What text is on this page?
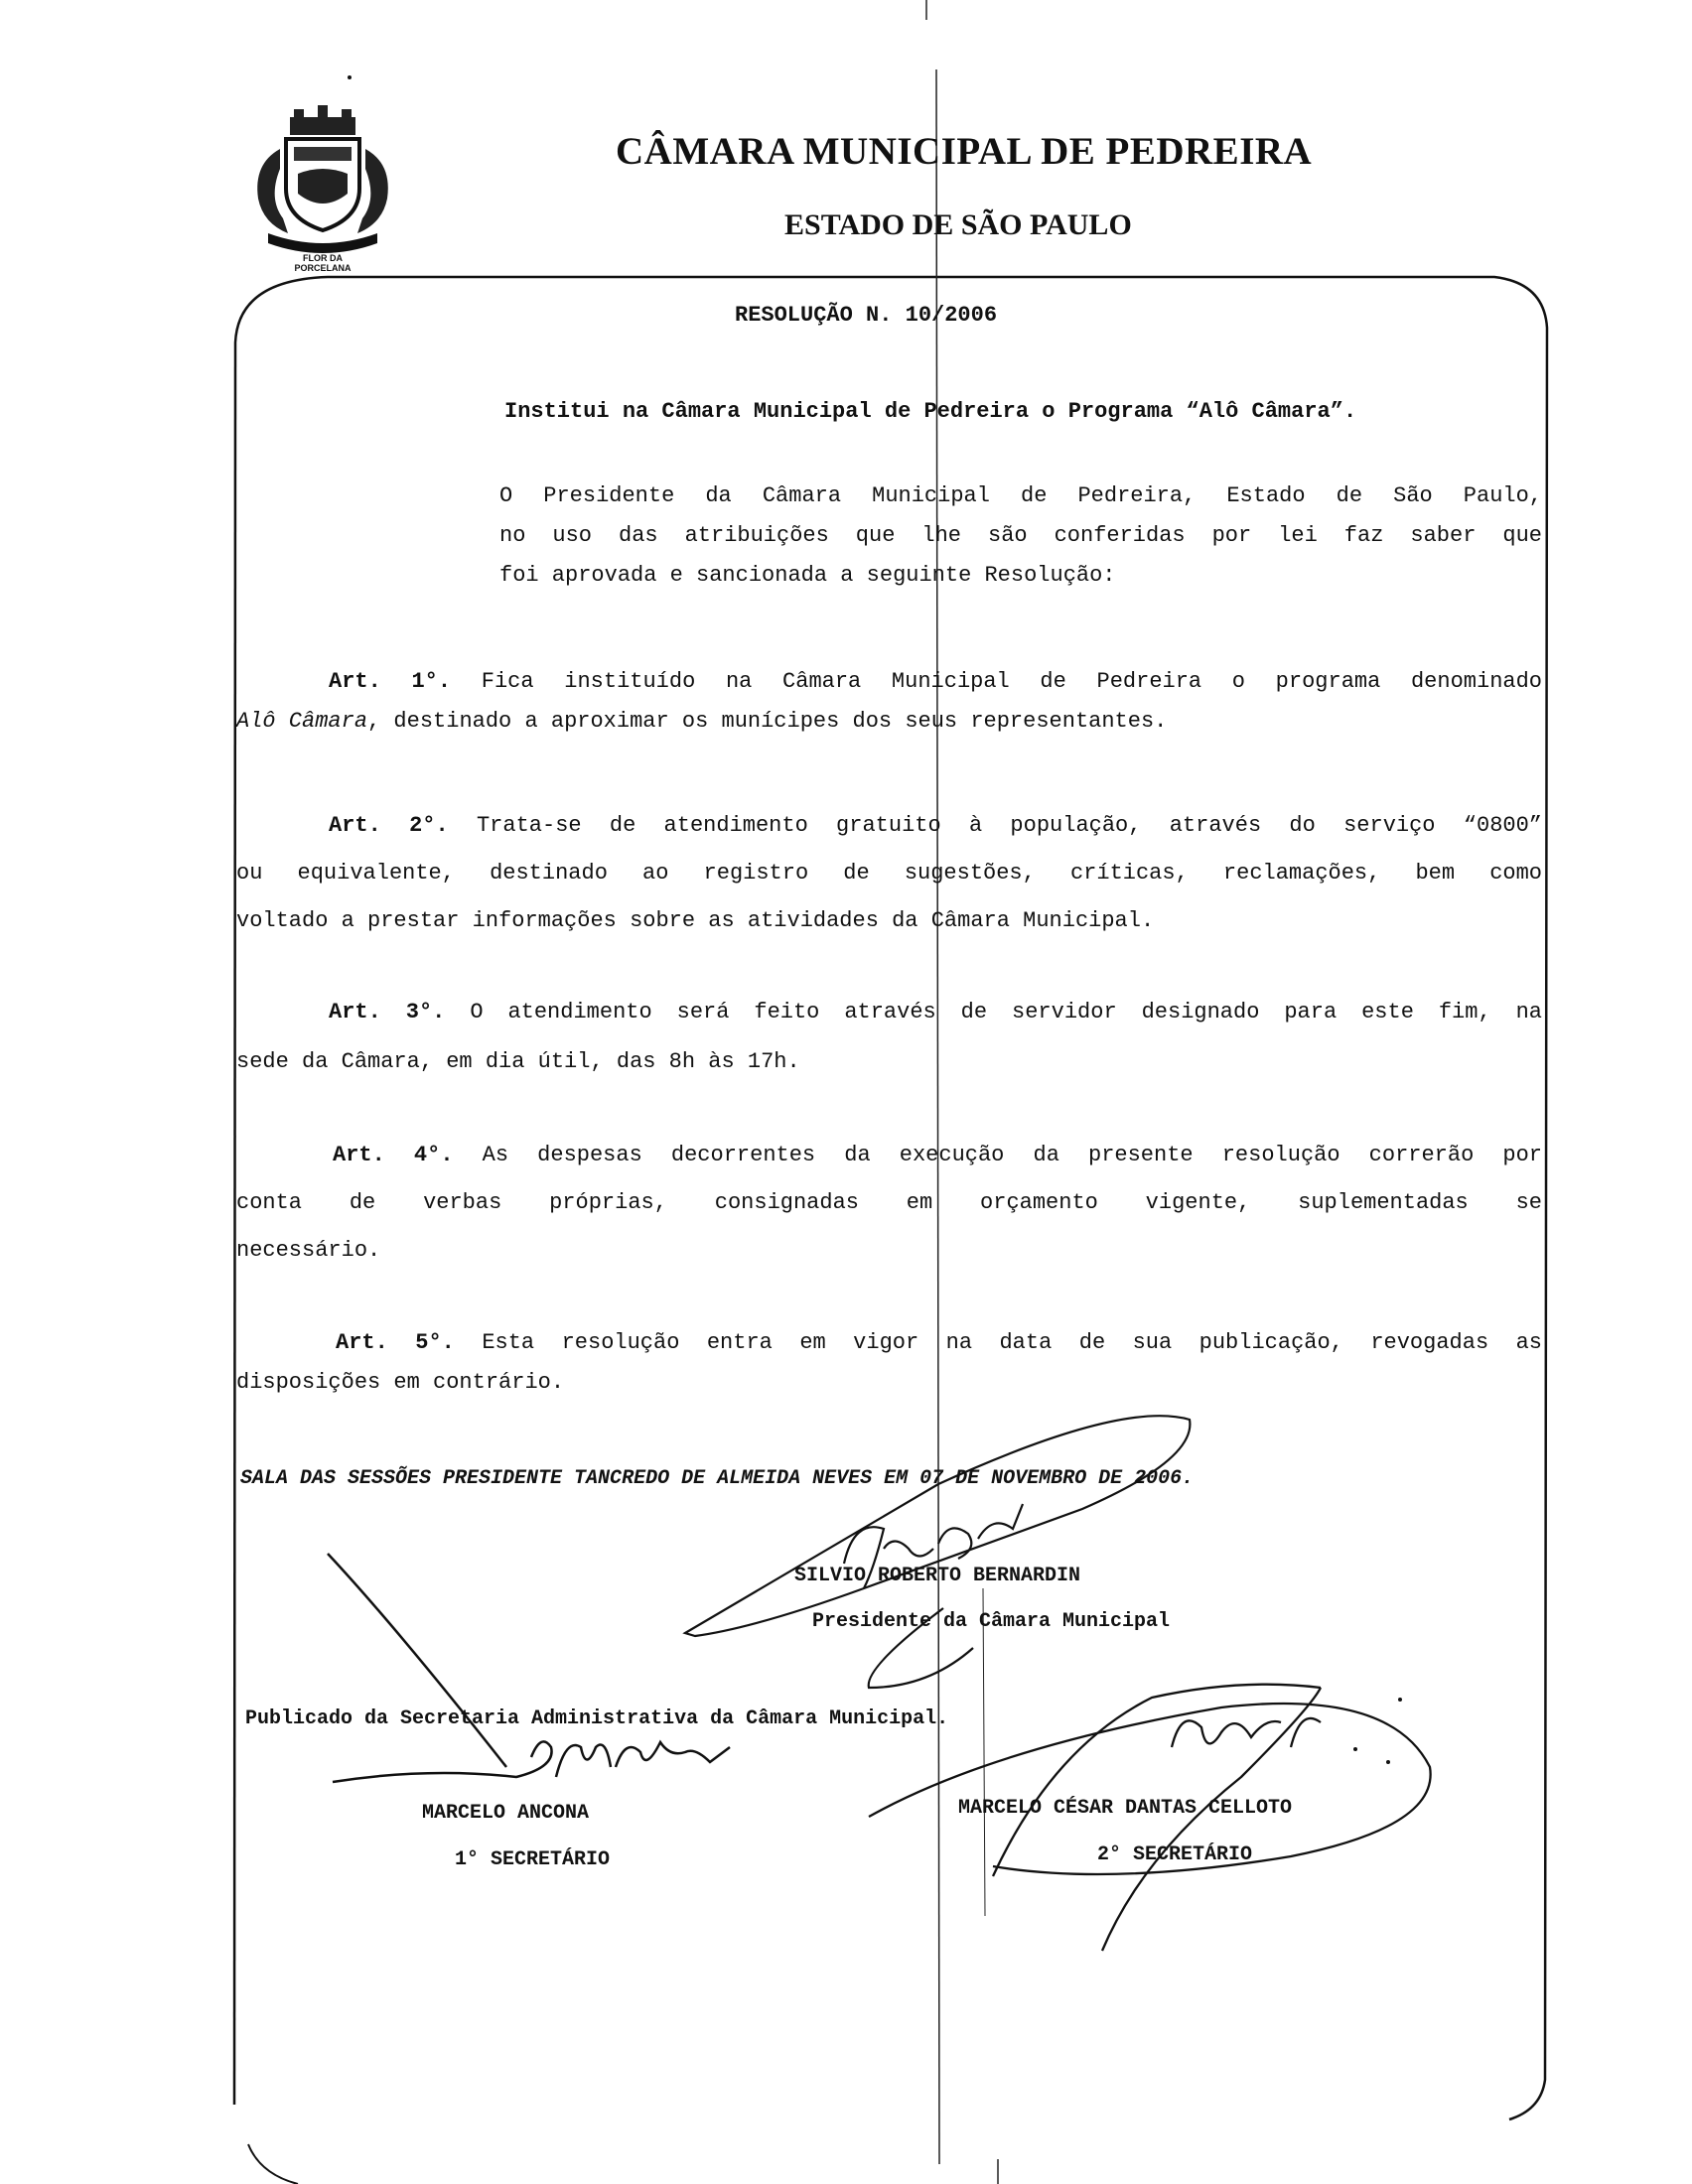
FLOR DA
PORCELANA
CÂMARA MUNICIPAL DE PEDREIRA
ESTADO DE SÃO PAULO
RESOLUÇÃO N. 10/2006
Institui na Câmara Municipal de Pedreira o Programa “Alô Câmara”.
O Presidente da Câmara Municipal de Pedreira, Estado de São Paulo,
no uso das atribuições que lhe são conferidas por lei faz saber que
foi aprovada e sancionada a seguinte Resolução:
Art. 1°. Fica instituído na Câmara Municipal de Pedreira o programa denominado
Alô Câmara, destinado a aproximar os munícipes dos seus representantes.
Art. 2°. Trata-se de atendimento gratuito à população, através do serviço “0800”
ou equivalente, destinado ao registro de sugestões, críticas, reclamações, bem como
voltado a prestar informações sobre as atividades da Câmara Municipal.
Art. 3°. O atendimento será feito através de servidor designado para este fim, na
sede da Câmara, em dia útil, das 8h às 17h.
Art. 4°. As despesas decorrentes da execução da presente resolução correrão por
conta de verbas próprias, consignadas em orçamento vigente, suplementadas se
necessário.
Art. 5°. Esta resolução entra em vigor na data de sua publicação, revogadas as
disposições em contrário.
SALA DAS SESSÕES PRESIDENTE TANCREDO DE ALMEIDA NEVES EM 07 DE NOVEMBRO DE 2006.
SILVIO ROBERTO BERNARDIN
Presidente da Câmara Municipal
Publicado da Secretaria Administrativa da Câmara Municipal.
MARCELO ANCONA
1° SECRETÁRIO
MARCELO CÉSAR DANTAS CELLOTO
2° SECRETÁRIO
